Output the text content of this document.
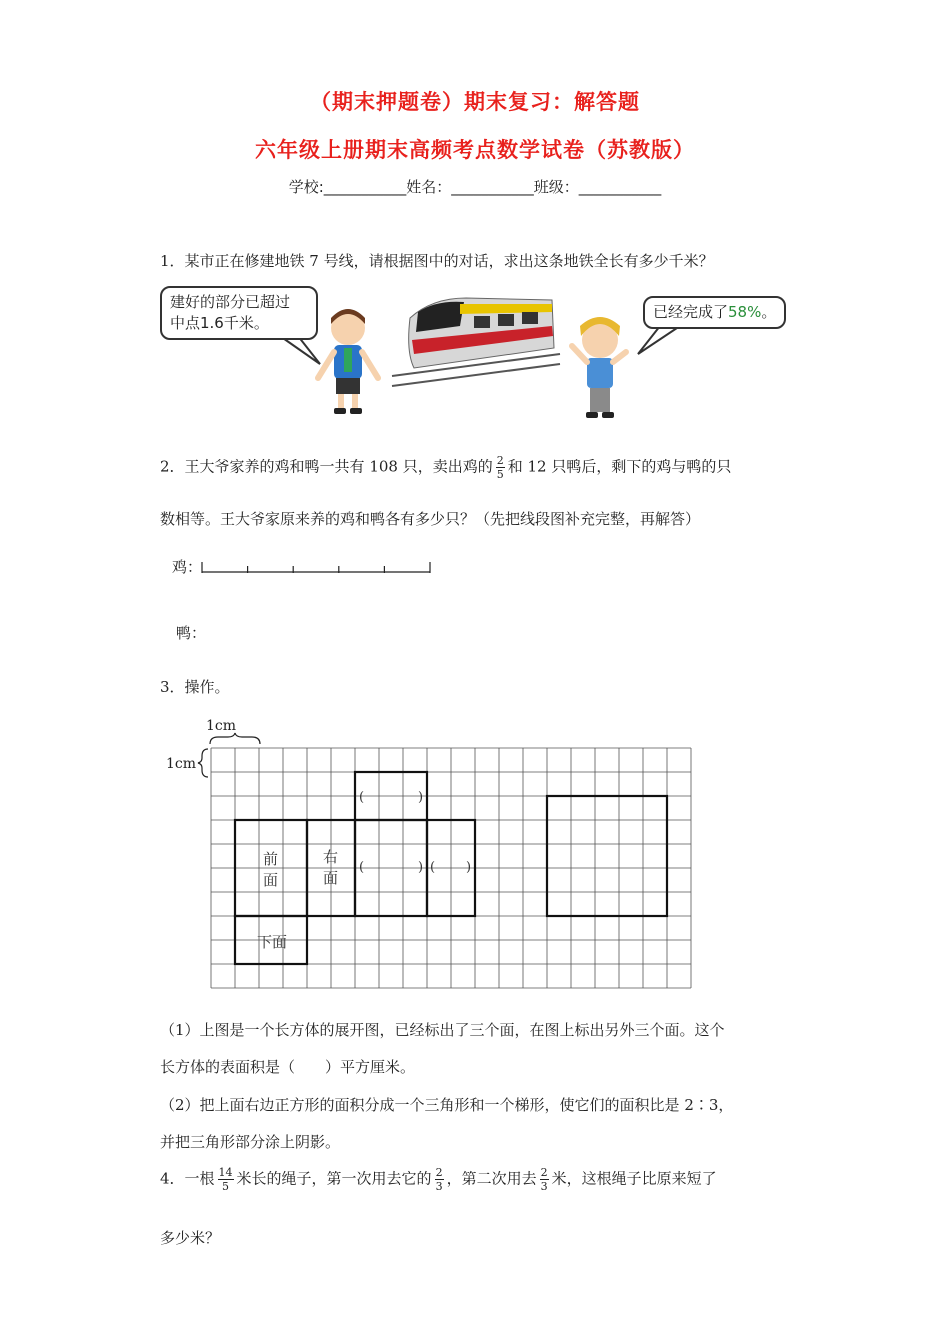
（期末押题卷）期末复习：解答题
六年级上册期末高频考点数学试卷（苏教版）
学校:___________姓名：___________班级：___________
1．某市正在修建地铁 7 号线，请根据图中的对话，求出这条地铁全长有多少千米？
建好的部分已超过
中点1.6千米。
已经完成了58%。
2．王大爷家养的鸡和鸭一共有 108 只，卖出鸡的 $\frac{2}{5}$ 和 12 只鸭后，剩下的鸡与鸭的只
数相等。王大爷家原来养的鸡和鸭各有多少只？（先把线段图补充完整，再解答）
鸡：
鸭：
3．操作。
1cm
1cm
前
面
右
面
下面
(	)
(	) ( )
（1）上图是一个长方体的展开图，已经标出了三个面，在图上标出另外三个面。这个
长方体的表面积是（　　）平方厘米。
（2）把上面右边正方形的面积分成一个三角形和一个梯形，使它们的面积比是 2∶3，
并把三角形部分涂上阴影。
4．一根 $\frac{14}{5}$ 米长的绳子，第一次用去它的 $\frac{2}{3}$ ，第二次用去 $\frac{2}{3}$ 米，这根绳子比原来短了
多少米？
